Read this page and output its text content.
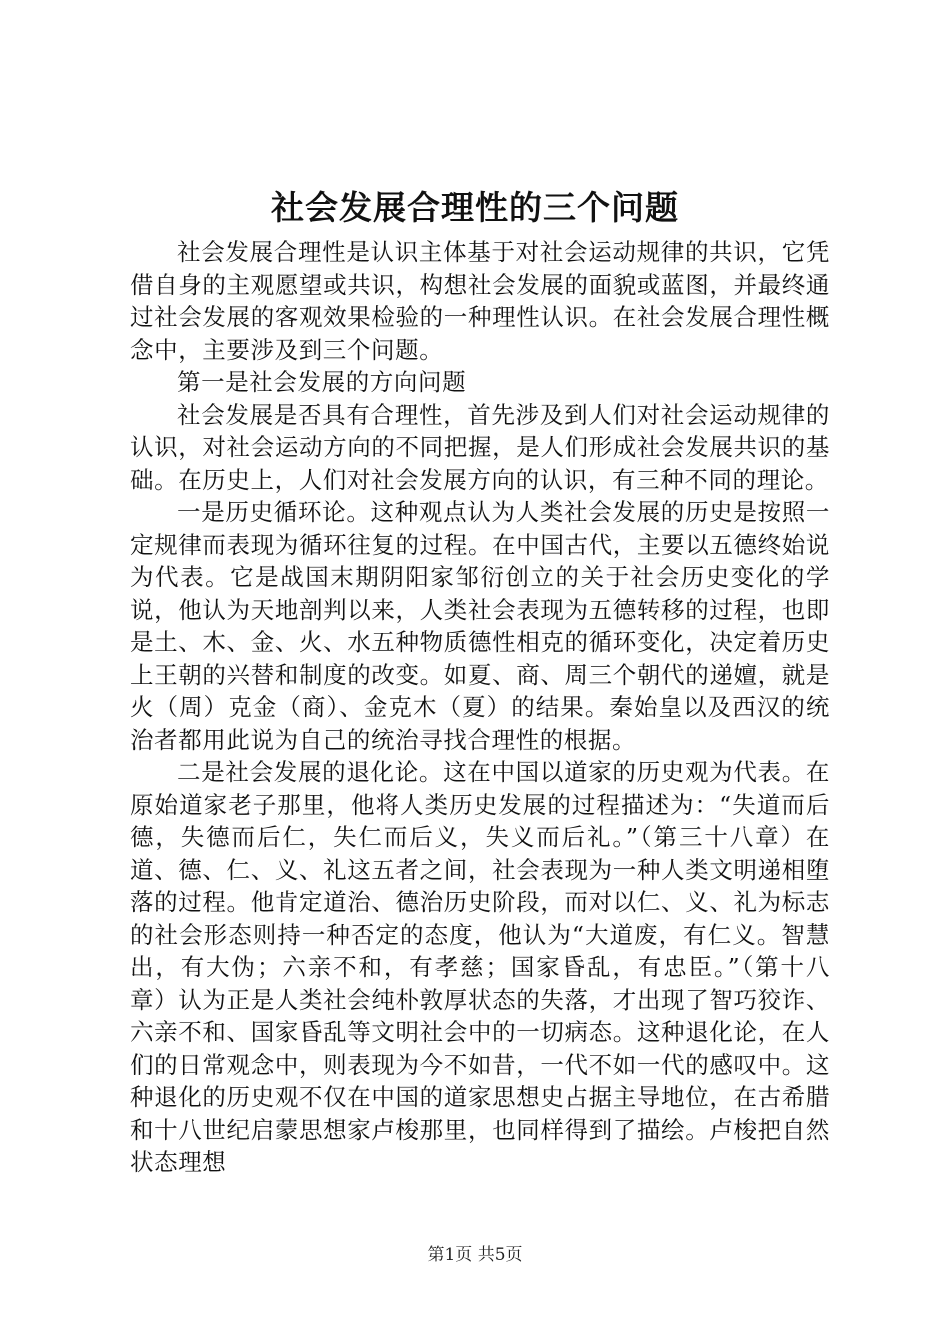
社会发展合理性的三个问题

社会发展合理性是认识主体基于对社会运动规律的共识，它凭借自身的主观愿望或共识，构想社会发展的面貌或蓝图，并最终通过社会发展的客观效果检验的一种理性认识。在社会发展合理性概念中，主要涉及到三个问题。

第一是社会发展的方向问题

社会发展是否具有合理性，首先涉及到人们对社会运动规律的认识，对社会运动方向的不同把握，是人们形成社会发展共识的基础。在历史上，人们对社会发展方向的认识，有三种不同的理论。

一是历史循环论。这种观点认为人类社会发展的历史是按照一定规律而表现为循环往复的过程。在中国古代，主要以五德终始说为代表。它是战国末期阴阳家邹衍创立的关于社会历史变化的学说，他认为天地剖判以来，人类社会表现为五德转移的过程，也即是土、木、金、火、水五种物质德性相克的循环变化，决定着历史上王朝的兴替和制度的改变。如夏、商、周三个朝代的递嬗，就是火（周）克金（商）、金克木（夏）的结果。秦始皇以及西汉的统治者都用此说为自己的统治寻找合理性的根据。

二是社会发展的退化论。这在中国以道家的历史观为代表。在原始道家老子那里，他将人类历史发展的过程描述为：“失道而后德，失德而后仁，失仁而后义，失义而后礼。”（第三十八章）在道、德、仁、义、礼这五者之间，社会表现为一种人类文明递相堕落的过程。他肯定道治、德治历史阶段，而对以仁、义、礼为标志的社会形态则持一种否定的态度，他认为“大道废，有仁义。智慧出，有大伪；六亲不和，有孝慈；国家昏乱，有忠臣。”（第十八章）认为正是人类社会纯朴敦厚状态的失落，才出现了智巧狡诈、六亲不和、国家昏乱等文明社会中的一切病态。这种退化论，在人们的日常观念中，则表现为今不如昔，一代不如一代的感叹中。这种退化的历史观不仅在中国的道家思想史占据主导地位，在古希腊和十八世纪启蒙思想家卢梭那里，也同样得到了描绘。卢梭把自然状态理想

第1页 共5页
